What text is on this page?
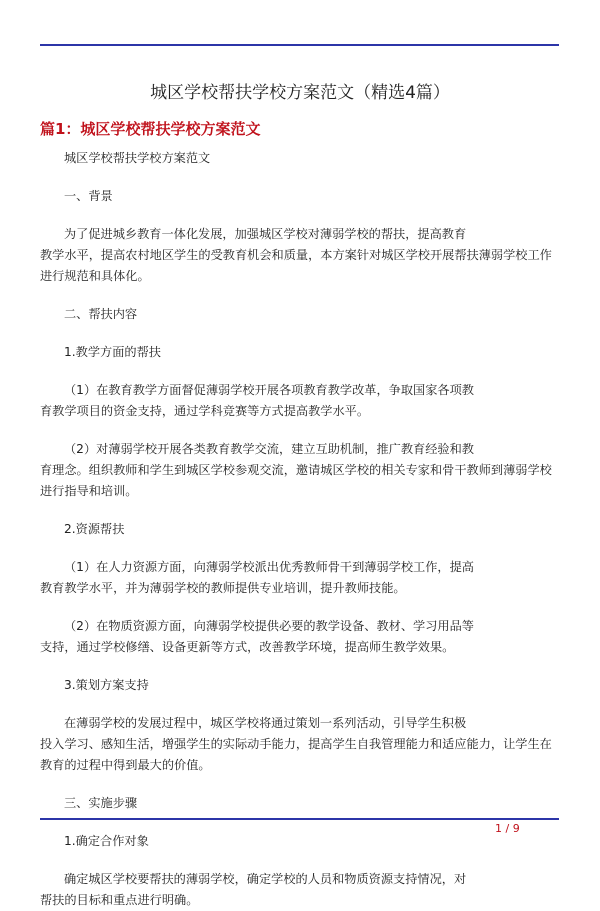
城区学校帮扶学校方案范文（精选4篇）
篇1：城区学校帮扶学校方案范文

城区学校帮扶学校方案范文

一、背景

为了促进城乡教育一体化发展，加强城区学校对薄弱学校的帮扶，提高教育

教学水平，提高农村地区学生的受教育机会和质量，本方案针对城区学校开展帮扶薄弱学校工作

进行规范和具体化。

二、帮扶内容

1.教学方面的帮扶

（1）在教育教学方面督促薄弱学校开展各项教育教学改革，争取国家各项教

育教学项目的资金支持，通过学科竞赛等方式提高教学水平。

（2）对薄弱学校开展各类教育教学交流，建立互助机制，推广教育经验和教

育理念。组织教师和学生到城区学校参观交流，邀请城区学校的相关专家和骨干教师到薄弱学校

进行指导和培训。

2.资源帮扶

（1）在人力资源方面，向薄弱学校派出优秀教师骨干到薄弱学校工作，提高

教育教学水平，并为薄弱学校的教师提供专业培训，提升教师技能。

（2）在物质资源方面，向薄弱学校提供必要的教学设备、教材、学习用品等

支持，通过学校修缮、设备更新等方式，改善教学环境，提高师生教学效果。

3.策划方案支持

在薄弱学校的发展过程中，城区学校将通过策划一系列活动，引导学生积极

投入学习、感知生活，增强学生的实际动手能力，提高学生自我管理能力和适应能力，让学生在

教育的过程中得到最大的价值。

三、实施步骤

1.确定合作对象

确定城区学校要帮扶的薄弱学校，确定学校的人员和物质资源支持情况，对

帮扶的目标和重点进行明确。

1 / 9
